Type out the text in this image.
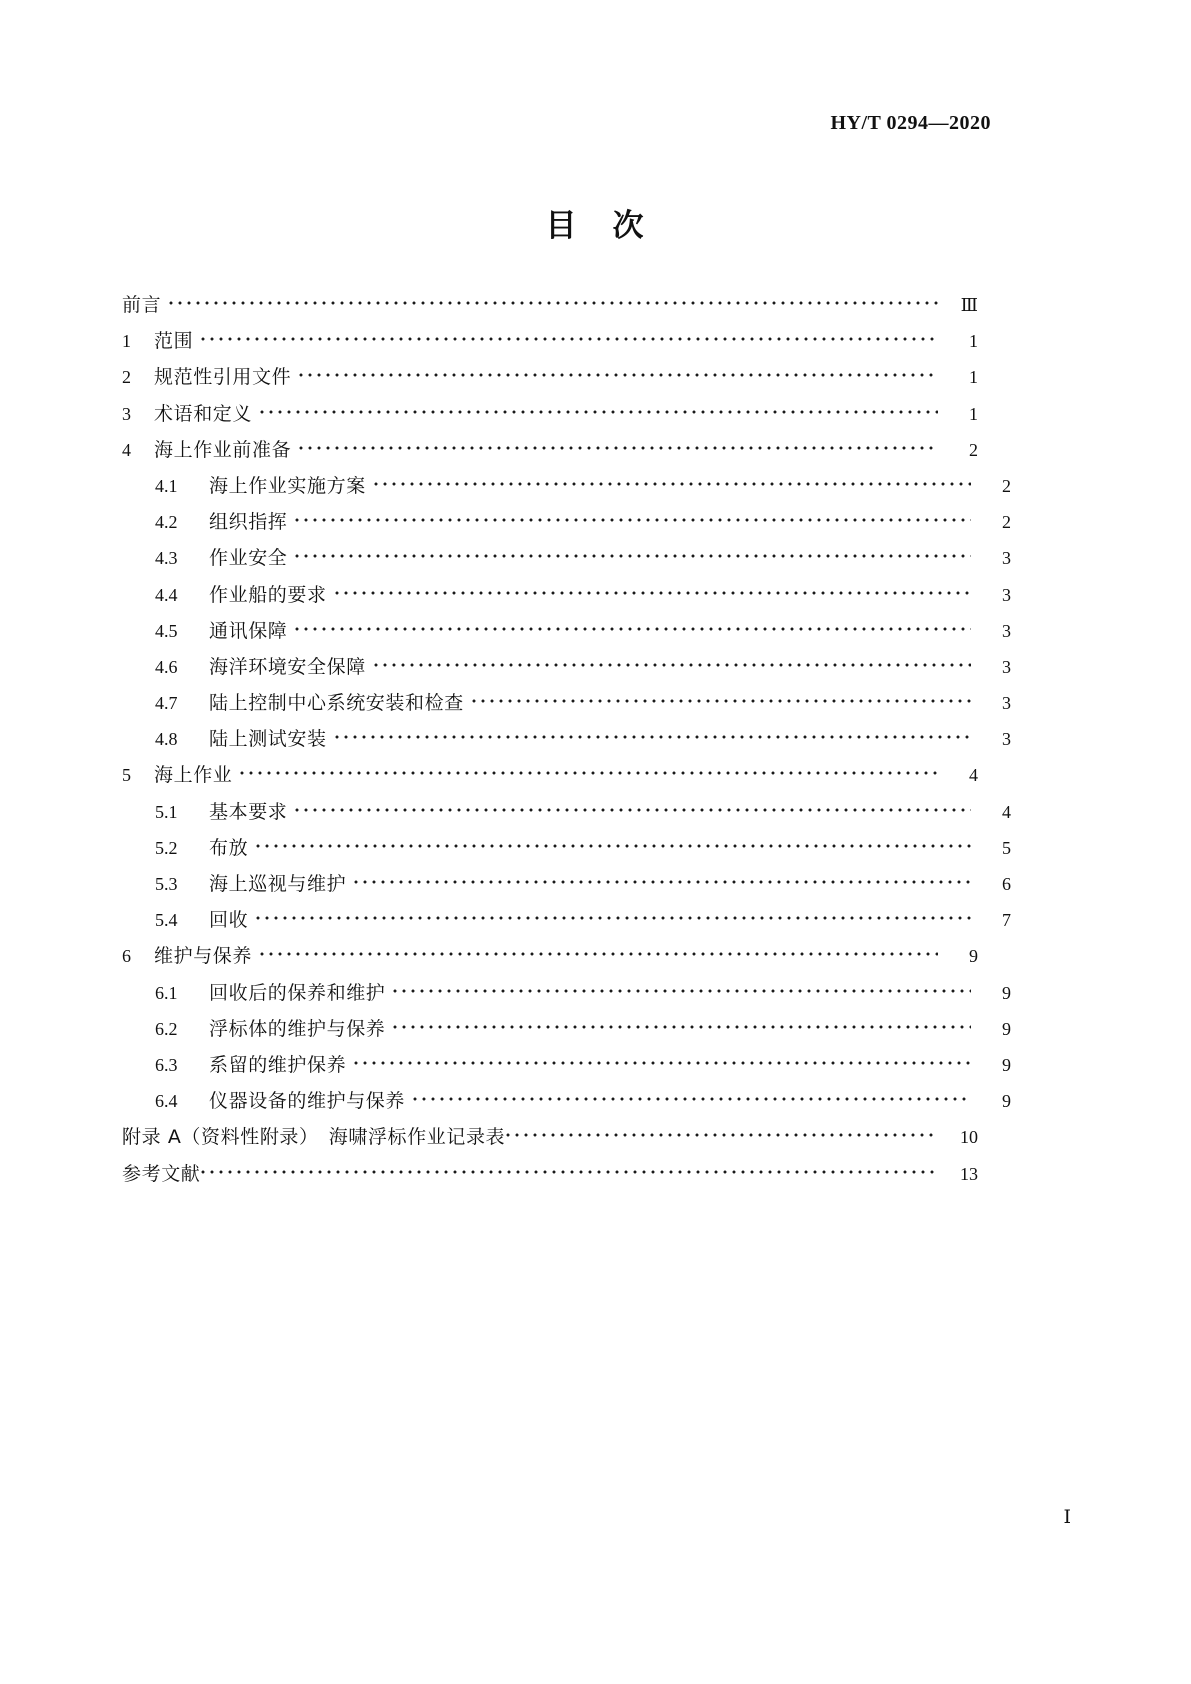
HY/T 0294—2020
目 次
前言	Ⅲ
1	范围	1
2	规范性引用文件	1
3	术语和定义	1
4	海上作业前准备	2
4.1	海上作业实施方案	2
4.2	组织指挥	2
4.3	作业安全	3
4.4	作业船的要求	3
4.5	通讯保障	3
4.6	海洋环境安全保障	3
4.7	陆上控制中心系统安装和检查	3
4.8	陆上测试安装	3
5	海上作业	4
5.1	基本要求	4
5.2	布放	5
5.3	海上巡视与维护	6
5.4	回收	7
6	维护与保养	9
6.1	回收后的保养和维护	9
6.2	浮标体的维护与保养	9
6.3	系留的维护保养	9
6.4	仪器设备的维护与保养	9
附录 A（资料性附录）　海啸浮标作业记录表	10
参考文献	13
Ⅰ
